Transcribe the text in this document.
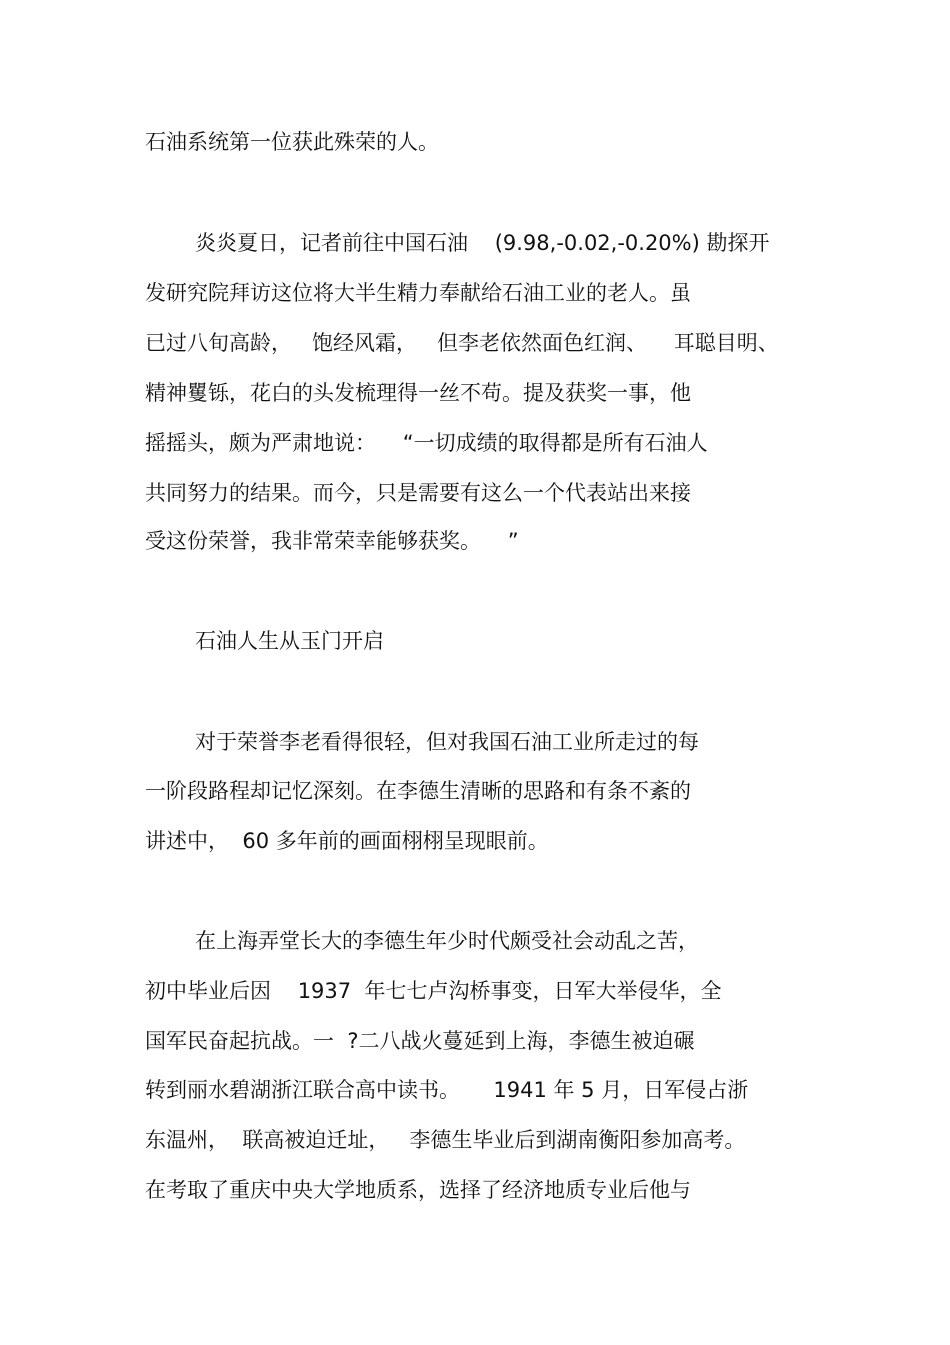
石油系统第一位获此殊荣的人。
炎炎夏日，记者前往中国石油    (9.98,-0.02,-0.20%) 勘探开
发研究院拜访这位将大半生精力奉献给石油工业的老人。虽
已过八旬高龄，   饱经风霜，   但李老依然面色红润、    耳聪目明、
精神矍铄，花白的头发梳理得一丝不苟。提及获奖一事，他
摇摇头，颇为严肃地说：    “一切成绩的取得都是所有石油人
共同努力的结果。而今，只是需要有这么一个代表站出来接
受这份荣誉，我非常荣幸能够获奖。    ”
石油人生从玉门开启
对于荣誉李老看得很轻，但对我国石油工业所走过的每
一阶段路程却记忆深刻。在李德生清晰的思路和有条不紊的
讲述中，  60 多年前的画面栩栩呈现眼前。
在上海弄堂长大的李德生年少时代颇受社会动乱之苦，
初中毕业后因    1937  年七七卢沟桥事变，日军大举侵华，全
国军民奋起抗战。一  ?二八战火蔓延到上海，李德生被迫碾
转到丽水碧湖浙江联合高中读书。     1941 年 5 月，日军侵占浙
东温州，  联高被迫迁址，   李德生毕业后到湖南衡阳参加高考。
在考取了重庆中央大学地质系，选择了经济地质专业后他与
